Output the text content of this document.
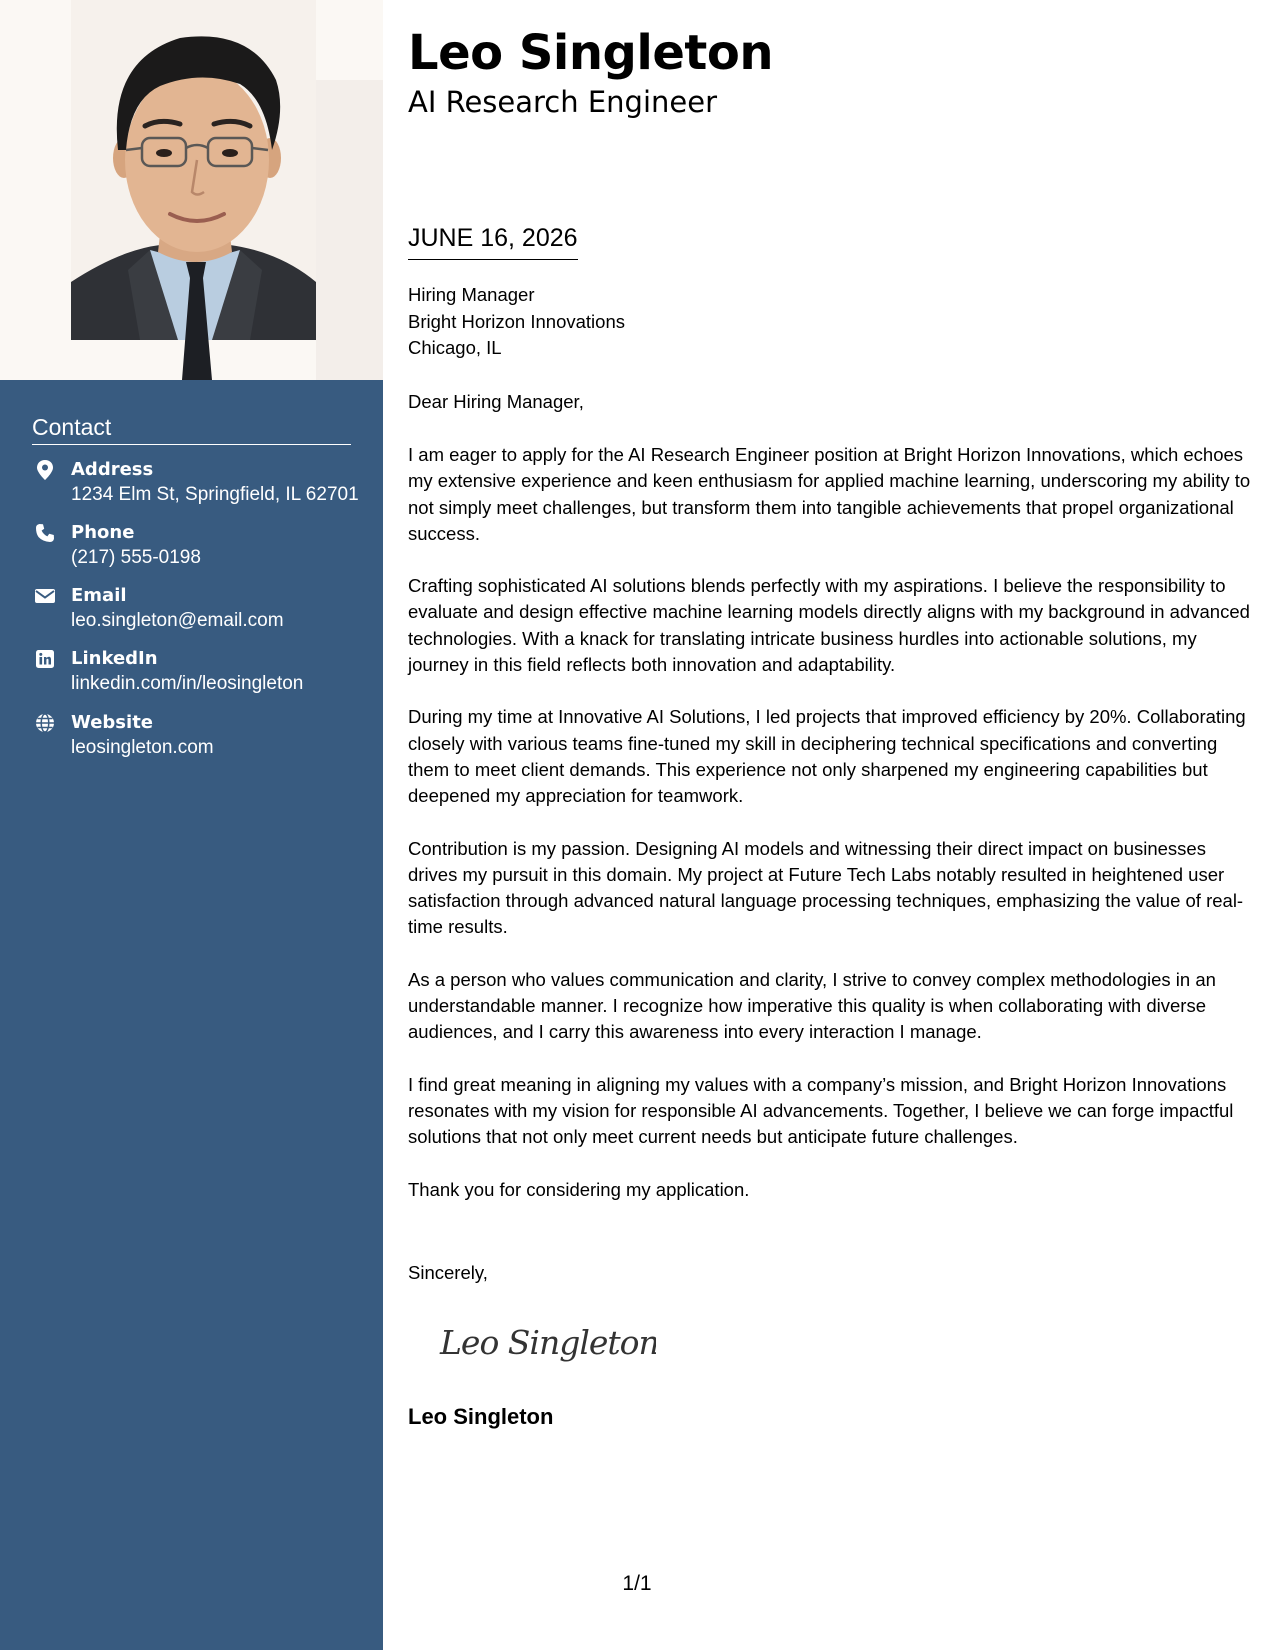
Contact
Address
1234 Elm St, Springfield, IL 62701
Phone
(217) 555-0198
Email
leo.singleton@email.com
LinkedIn
linkedin.com/in/leosingleton
Website
leosingleton.com
Leo Singleton
AI Research Engineer
JUNE 16, 2026
Hiring Manager
Bright Horizon Innovations
Chicago, IL
Dear Hiring Manager,

I am eager to apply for the AI Research Engineer position at Bright Horizon Innovations, which echoes my extensive experience and keen enthusiasm for applied machine learning, underscoring my ability to not simply meet challenges, but transform them into tangible achievements that propel organizational success.

Crafting sophisticated AI solutions blends perfectly with my aspirations. I believe the responsibility to evaluate and design effective machine learning models directly aligns with my background in advanced technologies. With a knack for translating intricate business hurdles into actionable solutions, my journey in this field reflects both innovation and adaptability.

During my time at Innovative AI Solutions, I led projects that improved efficiency by 20%. Collaborating closely with various teams fine-tuned my skill in deciphering technical specifications and converting them to meet client demands. This experience not only sharpened my engineering capabilities but deepened my appreciation for teamwork.

Contribution is my passion. Designing AI models and witnessing their direct impact on businesses drives my pursuit in this domain. My project at Future Tech Labs notably resulted in heightened user satisfaction through advanced natural language processing techniques, emphasizing the value of real-time results.

As a person who values communication and clarity, I strive to convey complex methodologies in an understandable manner. I recognize how imperative this quality is when collaborating with diverse audiences, and I carry this awareness into every interaction I manage.

I find great meaning in aligning my values with a company’s mission, and Bright Horizon Innovations resonates with my vision for responsible AI advancements. Together, I believe we can forge impactful solutions that not only meet current needs but anticipate future challenges.

Thank you for considering my application.

Sincerely,
Leo Singleton
Leo Singleton
1/1
